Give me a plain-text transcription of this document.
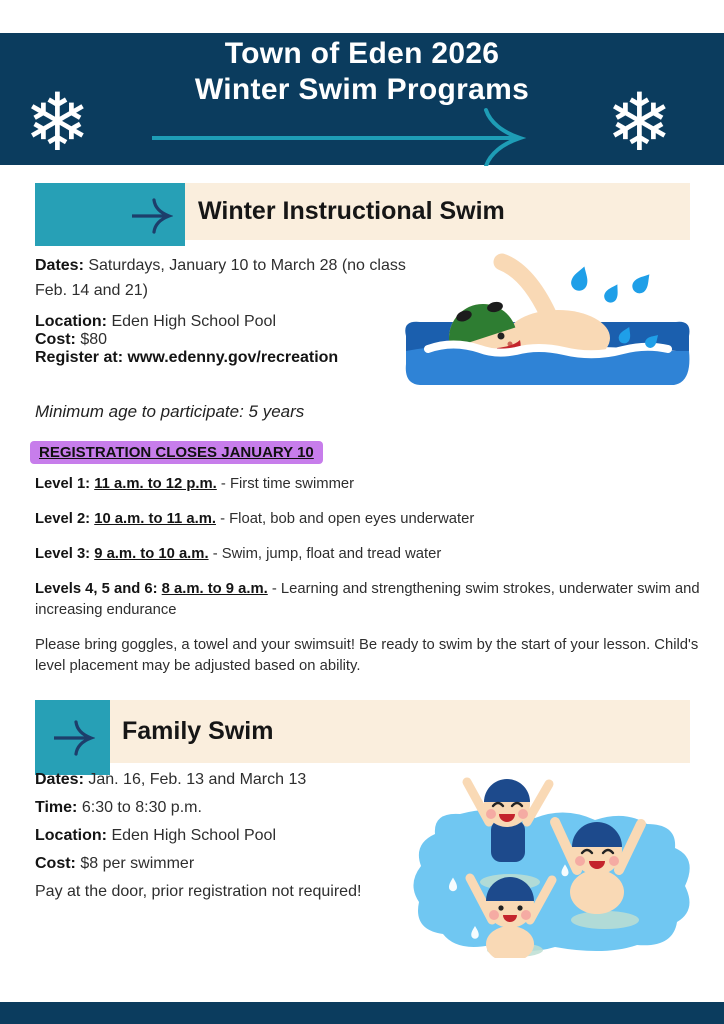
❄	❄
Town of Eden 2026
Winter Swim Programs
Winter Instructional Swim

Dates: Saturdays, January 10 to March 28 (no class Feb. 14 and 21)

Location: Eden High School Pool

Cost: $80

Register at: www.edenny.gov/recreation

Minimum age to participate: 5 years

REGISTRATION CLOSES JANUARY 10

Level 1: 11 a.m. to 12 p.m. - First time swimmer

Level 2: 10 a.m. to 11 a.m. - Float, bob and open eyes underwater

Level 3: 9 a.m. to 10 a.m. - Swim, jump, float and tread water

Levels 4, 5 and 6: 8 a.m. to 9 a.m. - Learning and strengthening swim strokes, underwater swim and increasing endurance

Please bring goggles, a towel and your swimsuit! Be ready to swim by the start of your lesson. Child's level placement may be adjusted based on ability.

Family Swim

Dates: Jan. 16, Feb. 13 and March 13

Time: 6:30 to 8:30 p.m.

Location: Eden High School Pool

Cost: $8 per swimmer

Pay at the door, prior registration not required!
